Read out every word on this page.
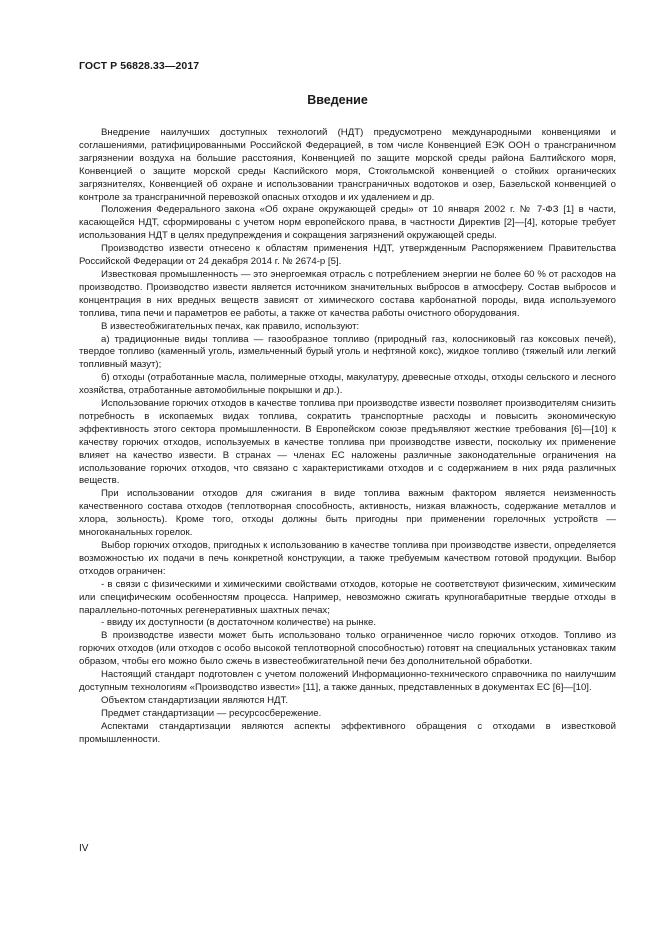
ГОСТ Р 56828.33—2017
Введение

Внедрение наилучших доступных технологий (НДТ) предусмотрено международными конвенциями и соглашениями, ратифицированными Российской Федерацией, в том числе Конвенцией ЕЭК ООН о трансграничном загрязнении воздуха на большие расстояния, Конвенцией по защите морской среды района Балтийского моря, Конвенцией о защите морской среды Каспийского моря, Стокгольмской конвенцией о стойких органических загрязнителях, Конвенцией об охране и использовании трансграничных водотоков и озер, Базельской конвенцией о контроле за трансграничной перевозкой опасных отходов и их удалением и др.

Положения Федерального закона «Об охране окружающей среды» от 10 января 2002 г. № 7-ФЗ [1] в части, касающейся НДТ, сформированы с учетом норм европейского права, в частности Директив [2]—[4], которые требует использования НДТ в целях предупреждения и сокращения загрязнений окружающей среды.

Производство извести отнесено к областям применения НДТ, утвержденным Распоряжением Правительства Российской Федерации от 24 декабря 2014 г. № 2674-р [5].

Известковая промышленность — это энергоемкая отрасль с потреблением энергии не более 60 % от расходов на производство. Производство извести является источником значительных выбросов в атмосферу. Состав выбросов и концентрация в них вредных веществ зависят от химического состава карбонатной породы, вида используемого топлива, типа печи и параметров ее работы, а также от качества работы очистного оборудования.

В известеобжигательных печах, как правило, используют:

а) традиционные виды топлива — газообразное топливо (природный газ, колосниковый газ коксовых печей), твердое топливо (каменный уголь, измельченный бурый уголь и нефтяной кокс), жидкое топливо (тяжелый или легкий топливный мазут);

б) отходы (отработанные масла, полимерные отходы, макулатуру, древесные отходы, отходы сельского и лесного хозяйства, отработанные автомобильные покрышки и др.).

Использование горючих отходов в качестве топлива при производстве извести позволяет производителям снизить потребность в ископаемых видах топлива, сократить транспортные расходы и повысить экономическую эффективность этого сектора промышленности. В Европейском союзе предъявляют жесткие требования [6]—[10] к качеству горючих отходов, используемых в качестве топлива при производстве извести, поскольку их применение влияет на качество извести. В странах — членах ЕС наложены различные законодательные ограничения на использование горючих отходов, что связано с характеристиками отходов и с содержанием в них ряда различных веществ.

При использовании отходов для сжигания в виде топлива важным фактором является неизменность качественного состава отходов (теплотворная способность, активность, низкая влажность, содержание металлов и хлора, зольность). Кроме того, отходы должны быть пригодны при применении горелочных устройств — многоканальных горелок.

Выбор горючих отходов, пригодных к использованию в качестве топлива при производстве извести, определяется возможностью их подачи в печь конкретной конструкции, а также требуемым качеством готовой продукции. Выбор отходов ограничен:

- в связи с физическими и химическими свойствами отходов, которые не соответствуют физическим, химическим или специфическим особенностям процесса. Например, невозможно сжигать крупногабаритные твердые отходы в параллельно-поточных регенеративных шахтных печах;

- ввиду их доступности (в достаточном количестве) на рынке.

В производстве извести может быть использовано только ограниченное число горючих отходов. Топливо из горючих отходов (или отходов с особо высокой теплотворной способностью) готовят на специальных установках таким образом, чтобы его можно было сжечь в известеобжигательной печи без дополнительной обработки.

Настоящий стандарт подготовлен с учетом положений Информационно-технического справочника по наилучшим доступным технологиям «Производство извести» [11], а также данных, представленных в документах ЕС [6]—[10].

Объектом стандартизации являются НДТ.

Предмет стандартизации — ресурсосбережение.

Аспектами стандартизации являются аспекты эффективного обращения с отходами в известковой промышленности.

IV
